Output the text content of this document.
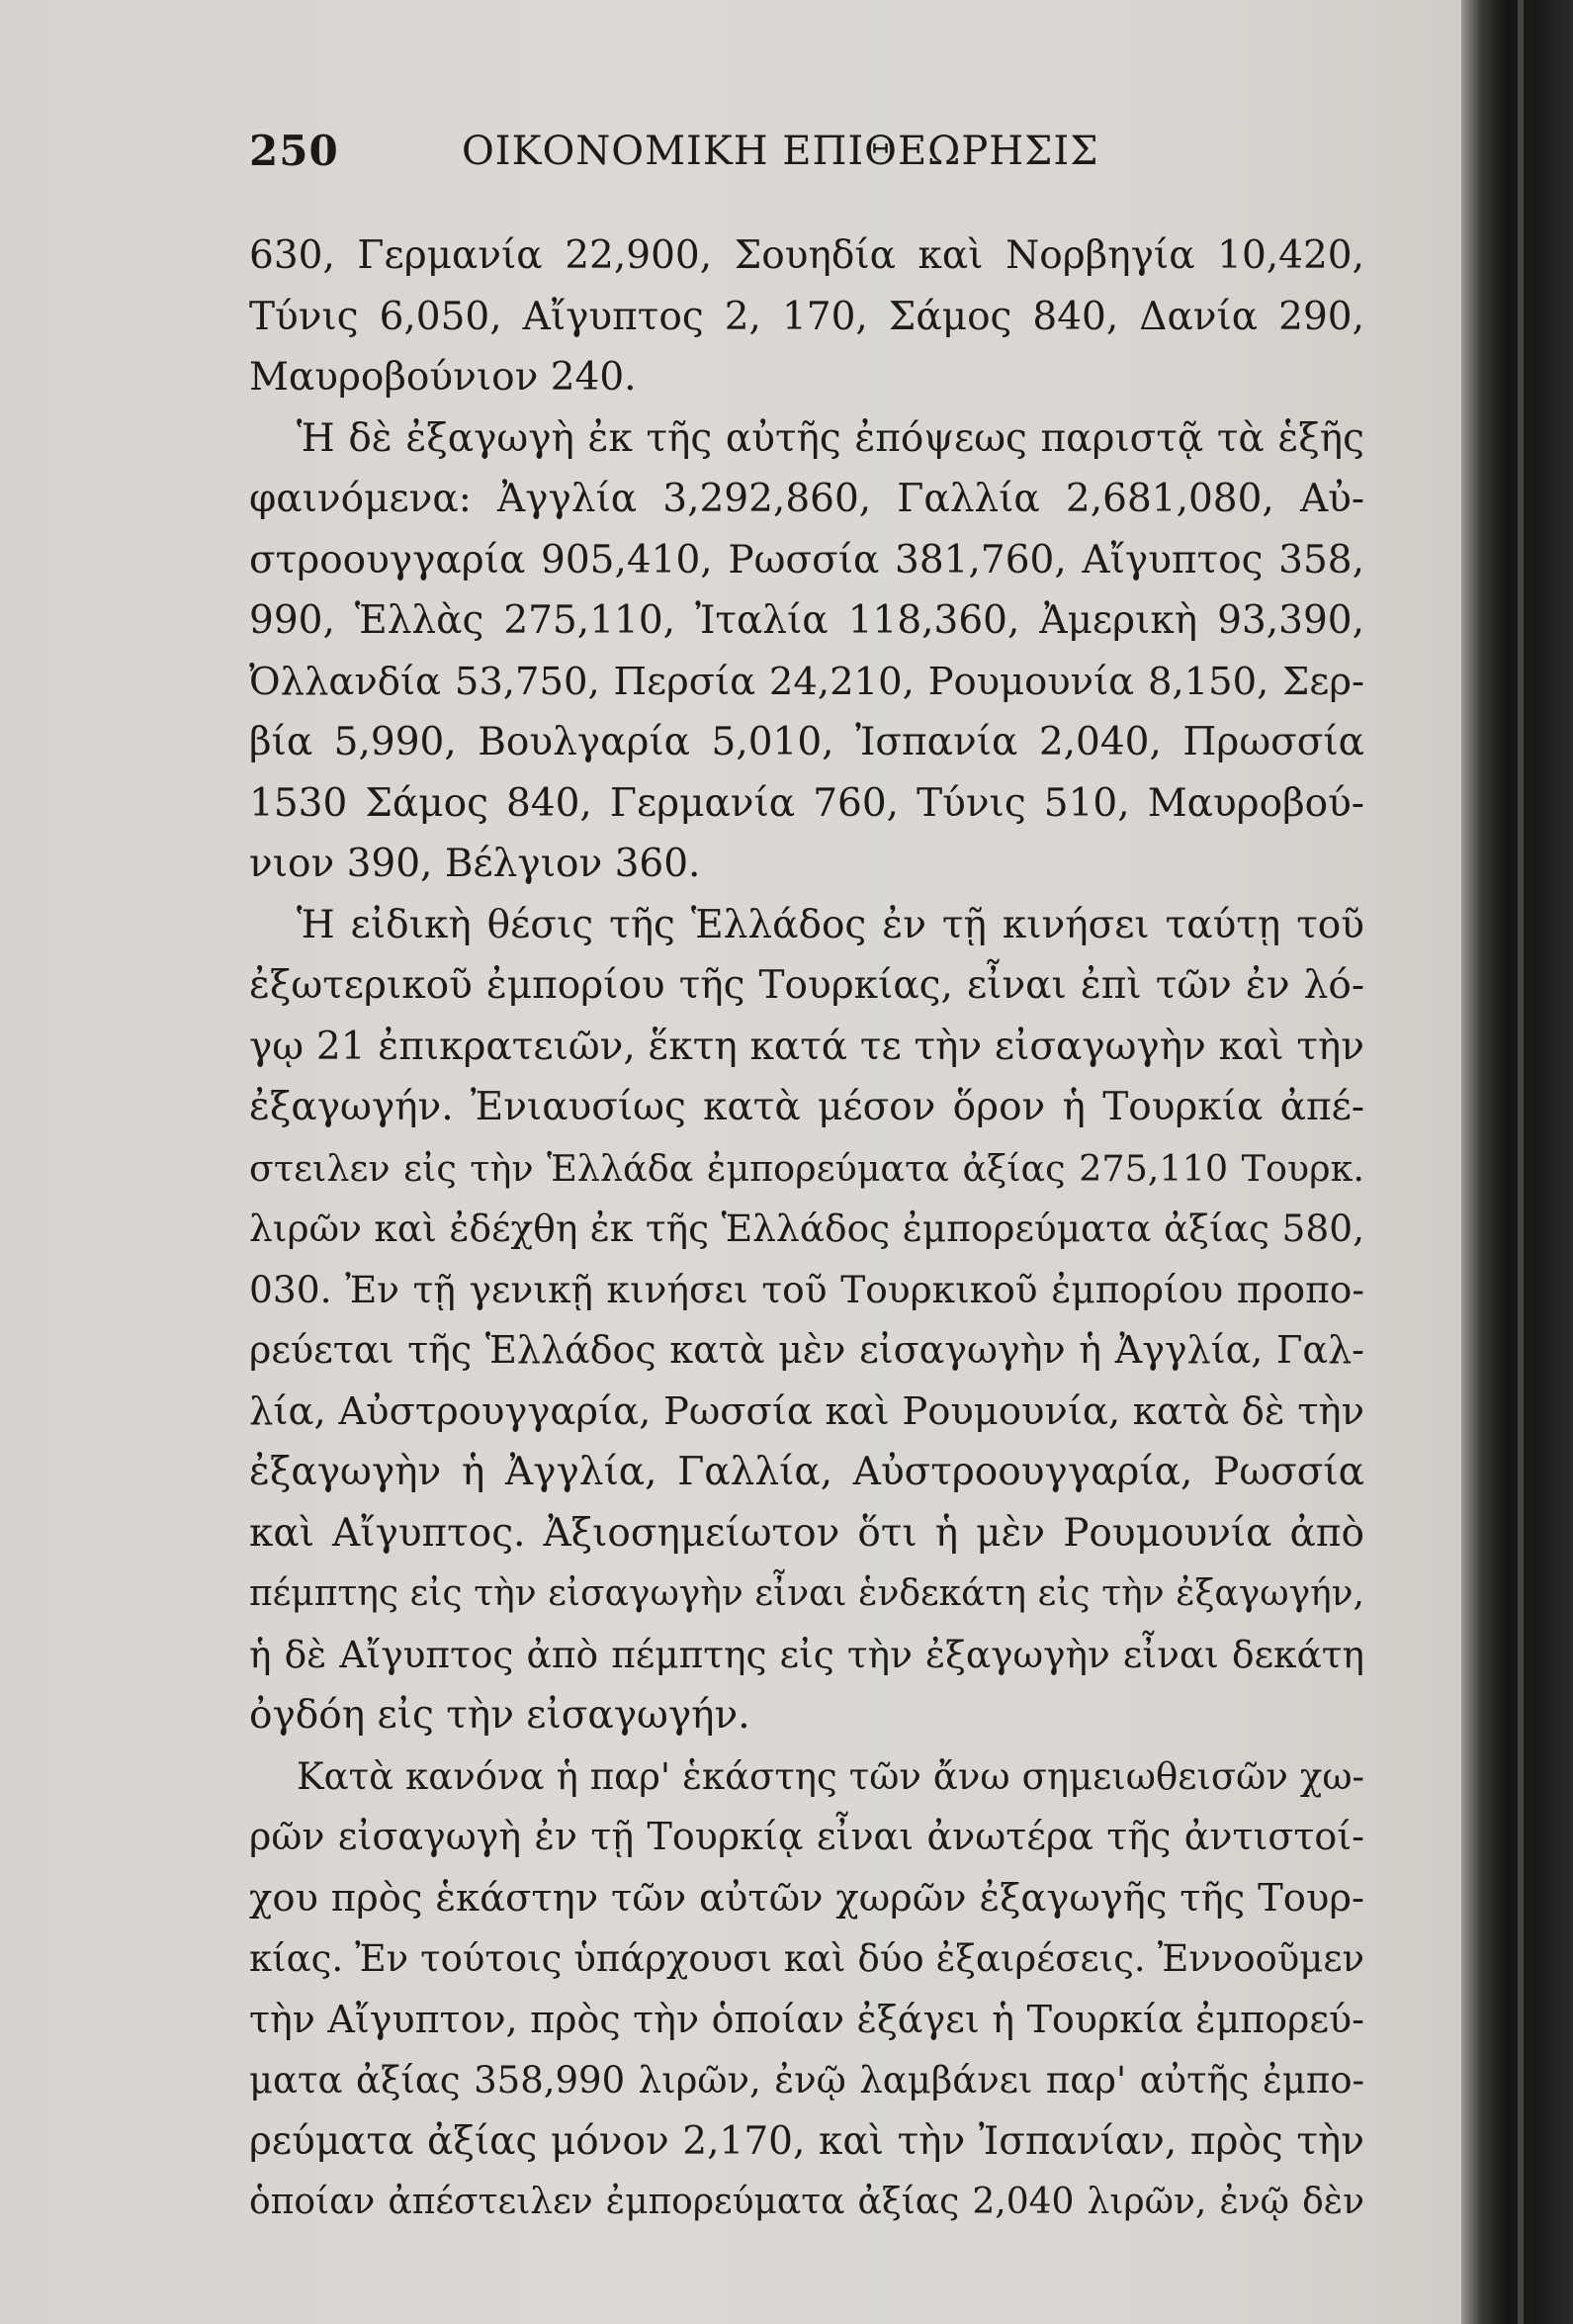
250	ΟΙΚΟΝΟΜΙΚΗ ΕΠΙΘΕΩΡΗΣΙΣ
630, Γερμανία 22,900, Σουηδία καὶ Νορβηγία 10,420,
Τύνις 6,050, Αἴγυπτος 2, 170, Σάμος 840, Δανία 290,
Μαυροβούνιον 240.
Ἡ δὲ ἐξαγωγὴ ἐκ τῆς αὐτῆς ἐπόψεως παριστᾷ τὰ ἑξῆς
φαινόμενα: Ἀγγλία 3,292,860, Γαλλία 2,681,080, Αὐ-
στροουγγαρία 905,410, Ρωσσία 381,760, Αἴγυπτος 358,
990, Ἑλλὰς 275,110, Ἰταλία 118,360, Ἀμερικὴ 93,390,
Ὀλλανδία 53,750, Περσία 24,210, Ρουμουνία 8,150, Σερ-
βία 5,990, Βουλγαρία 5,010, Ἰσπανία 2,040, Πρωσσία
1530 Σάμος 840, Γερμανία 760, Τύνις 510, Μαυροβού-
νιον 390, Βέλγιον 360.
Ἡ εἰδικὴ θέσις τῆς Ἑλλάδος ἐν τῇ κινήσει ταύτῃ τοῦ
ἐξωτερικοῦ ἐμπορίου τῆς Τουρκίας, εἶναι ἐπὶ τῶν ἐν λό-
γῳ 21 ἐπικρατειῶν, ἕκτη κατά τε τὴν εἰσαγωγὴν καὶ τὴν
ἐξαγωγήν. Ἐνιαυσίως κατὰ μέσον ὅρον ἡ Τουρκία ἀπέ-
στειλεν εἰς τὴν Ἑλλάδα ἐμπορεύματα ἀξίας 275,110 Τουρκ.
λιρῶν καὶ ἐδέχθη ἐκ τῆς Ἑλλάδος ἐμπορεύματα ἀξίας 580,
030. Ἐν τῇ γενικῇ κινήσει τοῦ Τουρκικοῦ ἐμπορίου προπο-
ρεύεται τῆς Ἑλλάδος κατὰ μὲν εἰσαγωγὴν ἡ Ἀγγλία, Γαλ-
λία, Αὐστρουγγαρία, Ρωσσία καὶ Ρουμουνία, κατὰ δὲ τὴν
ἐξαγωγὴν ἡ Ἀγγλία, Γαλλία, Αὐστροουγγαρία, Ρωσσία
καὶ Αἴγυπτος. Ἀξιοσημείωτον ὅτι ἡ μὲν Ρουμουνία ἀπὸ
πέμπτης εἰς τὴν εἰσαγωγὴν εἶναι ἑνδεκάτη εἰς τὴν ἐξαγωγήν,
ἡ δὲ Αἴγυπτος ἀπὸ πέμπτης εἰς τὴν ἐξαγωγὴν εἶναι δεκάτη
ὀγδόη εἰς τὴν εἰσαγωγήν.
Κατὰ κανόνα ἡ παρ' ἑκάστης τῶν ἄνω σημειωθεισῶν χω-
ρῶν εἰσαγωγὴ ἐν τῇ Τουρκίᾳ εἶναι ἀνωτέρα τῆς ἀντιστοί-
χου πρὸς ἑκάστην τῶν αὐτῶν χωρῶν ἐξαγωγῆς τῆς Τουρ-
κίας. Ἐν τούτοις ὑπάρχουσι καὶ δύο ἐξαιρέσεις. Ἐννοοῦμεν
τὴν Αἴγυπτον, πρὸς τὴν ὁποίαν ἐξάγει ἡ Τουρκία ἐμπορεύ-
ματα ἀξίας 358,990 λιρῶν, ἐνῷ λαμβάνει παρ' αὐτῆς ἐμπο-
ρεύματα ἀξίας μόνον 2,170, καὶ τὴν Ἰσπανίαν, πρὸς τὴν
ὁποίαν ἀπέστειλεν ἐμπορεύματα ἀξίας 2,040 λιρῶν, ἐνῷ δὲν
